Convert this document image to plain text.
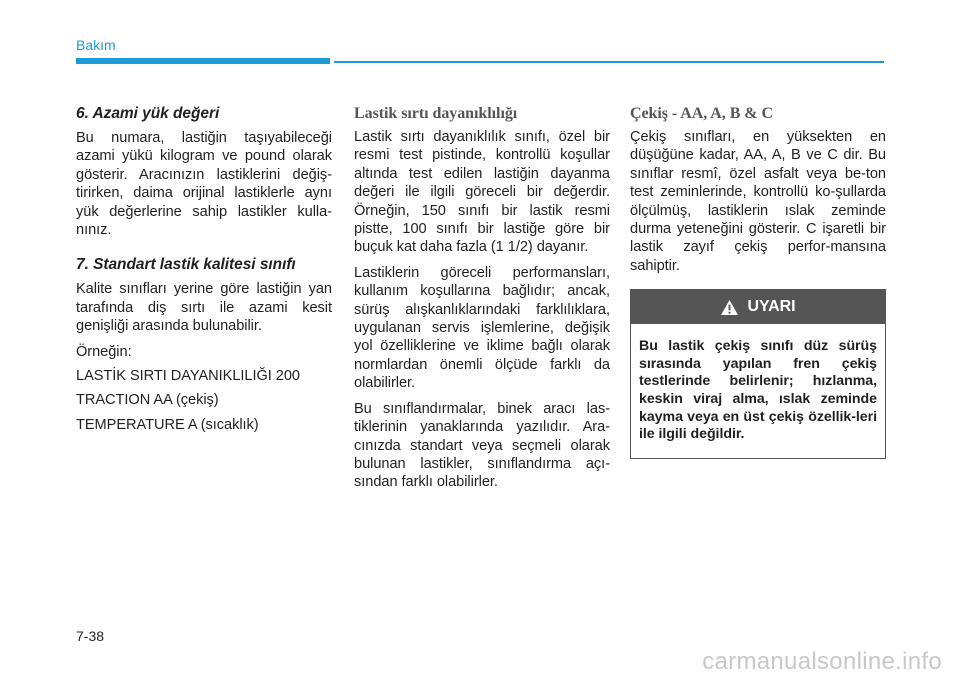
Bakım
6. Azami yük değeri

Bu numara, lastiğin taşıyabileceği azami yükü kilogram ve pound olarak gösterir. Aracınızın lastiklerini değiş-tirirken, daima orijinal lastiklerle aynı yük değerlerine sahip lastikler kulla-nınız.

7. Standart lastik kalitesi sınıfı

Kalite sınıfları yerine göre lastiğin yan tarafında diş sırtı ile azami kesit genişliği arasında bulunabilir.

Örneğin:

LASTİK SIRTI DAYANIKLILIĞI 200

TRACTION AA (çekiş)

TEMPERATURE A (sıcaklık)

Lastik sırtı dayanıklılığı

Lastik sırtı dayanıklılık sınıfı, özel bir resmi test pistinde, kontrollü koşullar altında test edilen lastiğin dayanma değeri ile ilgili göreceli bir değerdir. Örneğin, 150 sınıfı bir lastik resmi pistte, 100 sınıfı bir lastiğe göre bir buçuk kat daha fazla (1 1/2) dayanır.

Lastiklerin göreceli performansları, kullanım koşullarına bağlıdır; ancak, sürüş alışkanlıklarındaki farklılıklara, uygulanan servis işlemlerine, değişik yol özelliklerine ve iklime bağlı olarak normlardan önemli ölçüde farklı da olabilirler.

Bu sınıflandırmalar, binek aracı las-tiklerinin yanaklarında yazılıdır. Ara-cınızda standart veya seçmeli olarak bulunan lastikler, sınıflandırma açı-sından farklı olabilirler.

Çekiş - AA, A, B & C

Çekiş sınıfları, en yüksekten en düşüğüne kadar, AA, A, B ve C dir. Bu sınıflar resmî, özel asfalt veya be-ton test zeminlerinde, kontrollü ko-şullarda ölçülmüş, lastiklerin ıslak zeminde durma yeteneğini gösterir. C işaretli bir lastik zayıf çekiş perfor-mansına sahiptir.

UYARI
Bu lastik çekiş sınıfı düz sürüş sırasında yapılan fren çekiş testlerinde belirlenir; hızlanma, keskin viraj alma, ıslak zeminde kayma veya en üst çekiş özellik-leri ile ilgili değildir.
7-38
carmanualsonline.info
